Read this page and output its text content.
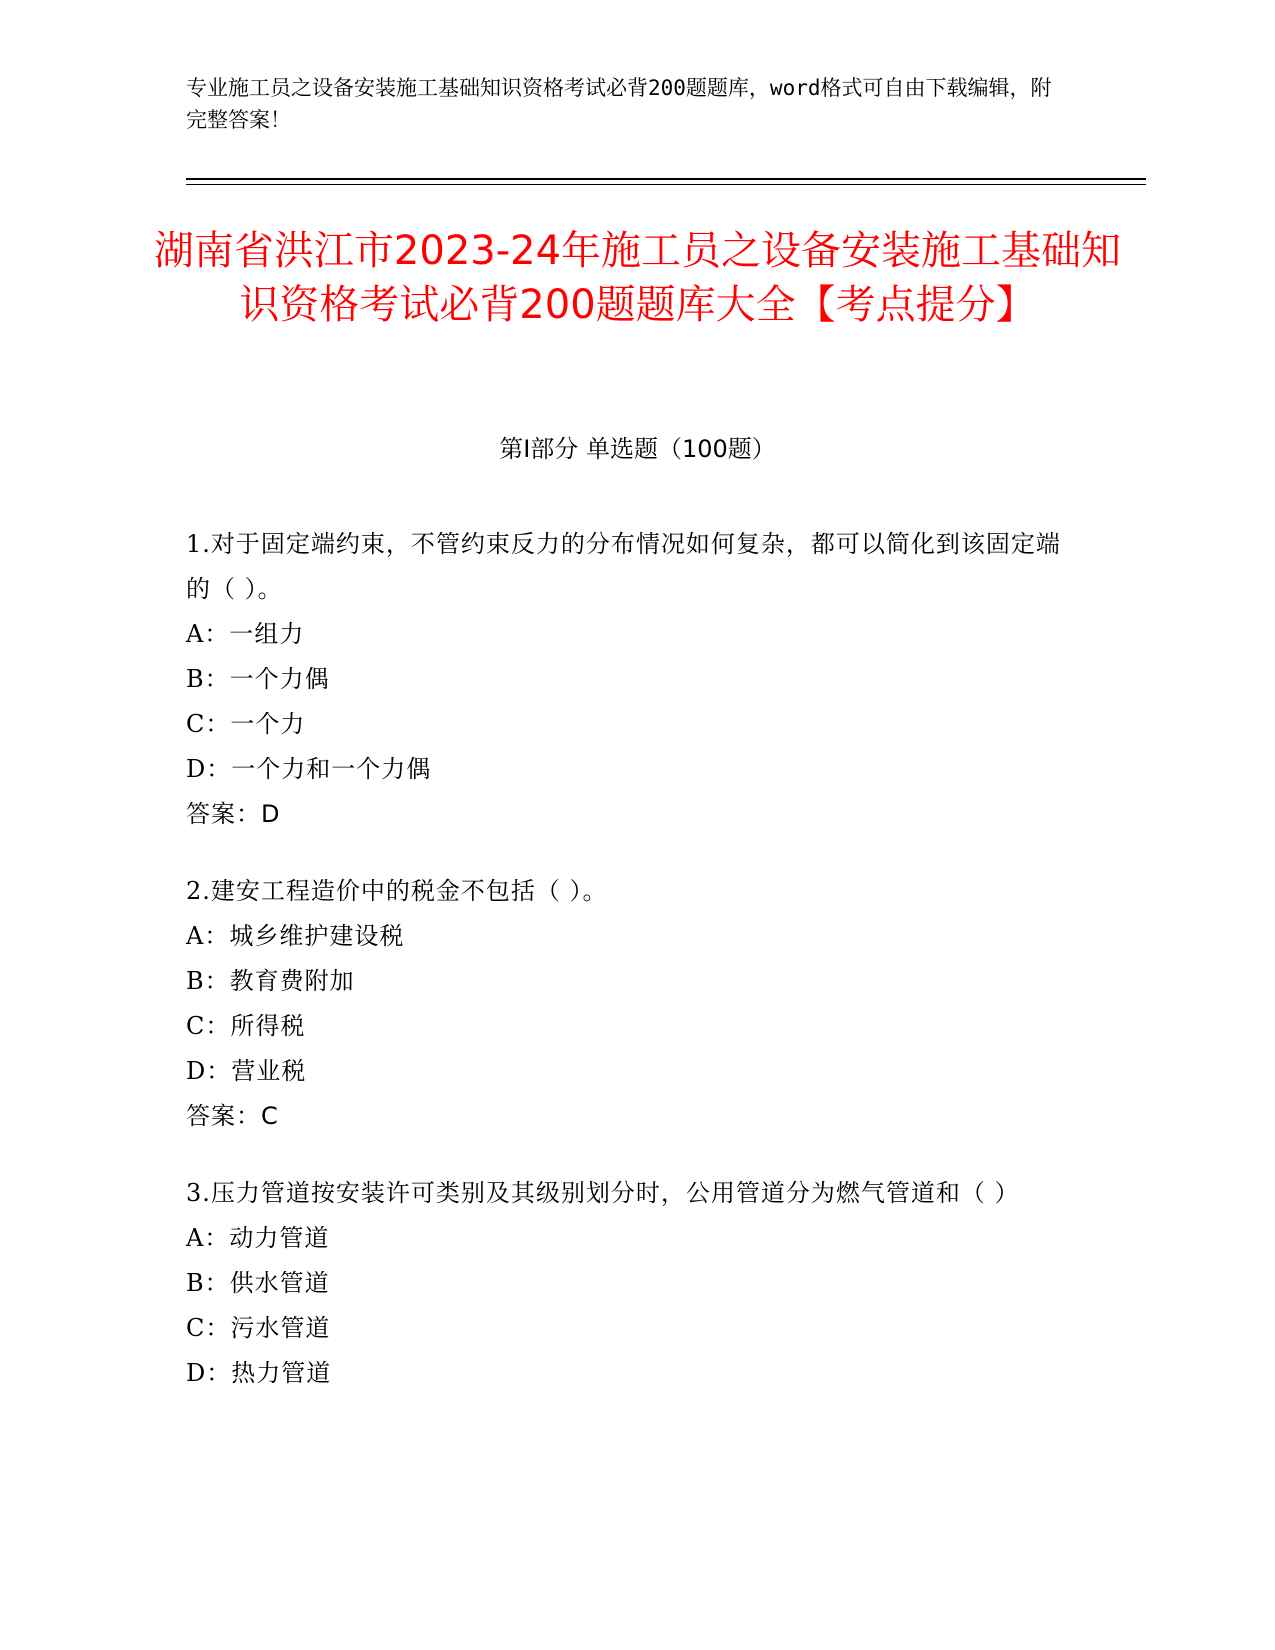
专业施工员之设备安装施工基础知识资格考试必背200题题库，word格式可自由下载编辑，附完整答案！
湖南省洪江市2023-24年施工员之设备安装施工基础知识资格考试必背200题题库大全【考点提分】
第I部分 单选题（100题）
1.对于固定端约束，不管约束反力的分布情况如何复杂，都可以简化到该固定端的（ ）。
A：一组力
B：一个力偶
C：一个力
D：一个力和一个力偶
答案：D
2.建安工程造价中的税金不包括（ ）。
A：城乡维护建设税
B：教育费附加
C：所得税
D：营业税
答案：C
3.压力管道按安装许可类别及其级别划分时，公用管道分为燃气管道和（ ）
A：动力管道
B：供水管道
C：污水管道
D：热力管道
